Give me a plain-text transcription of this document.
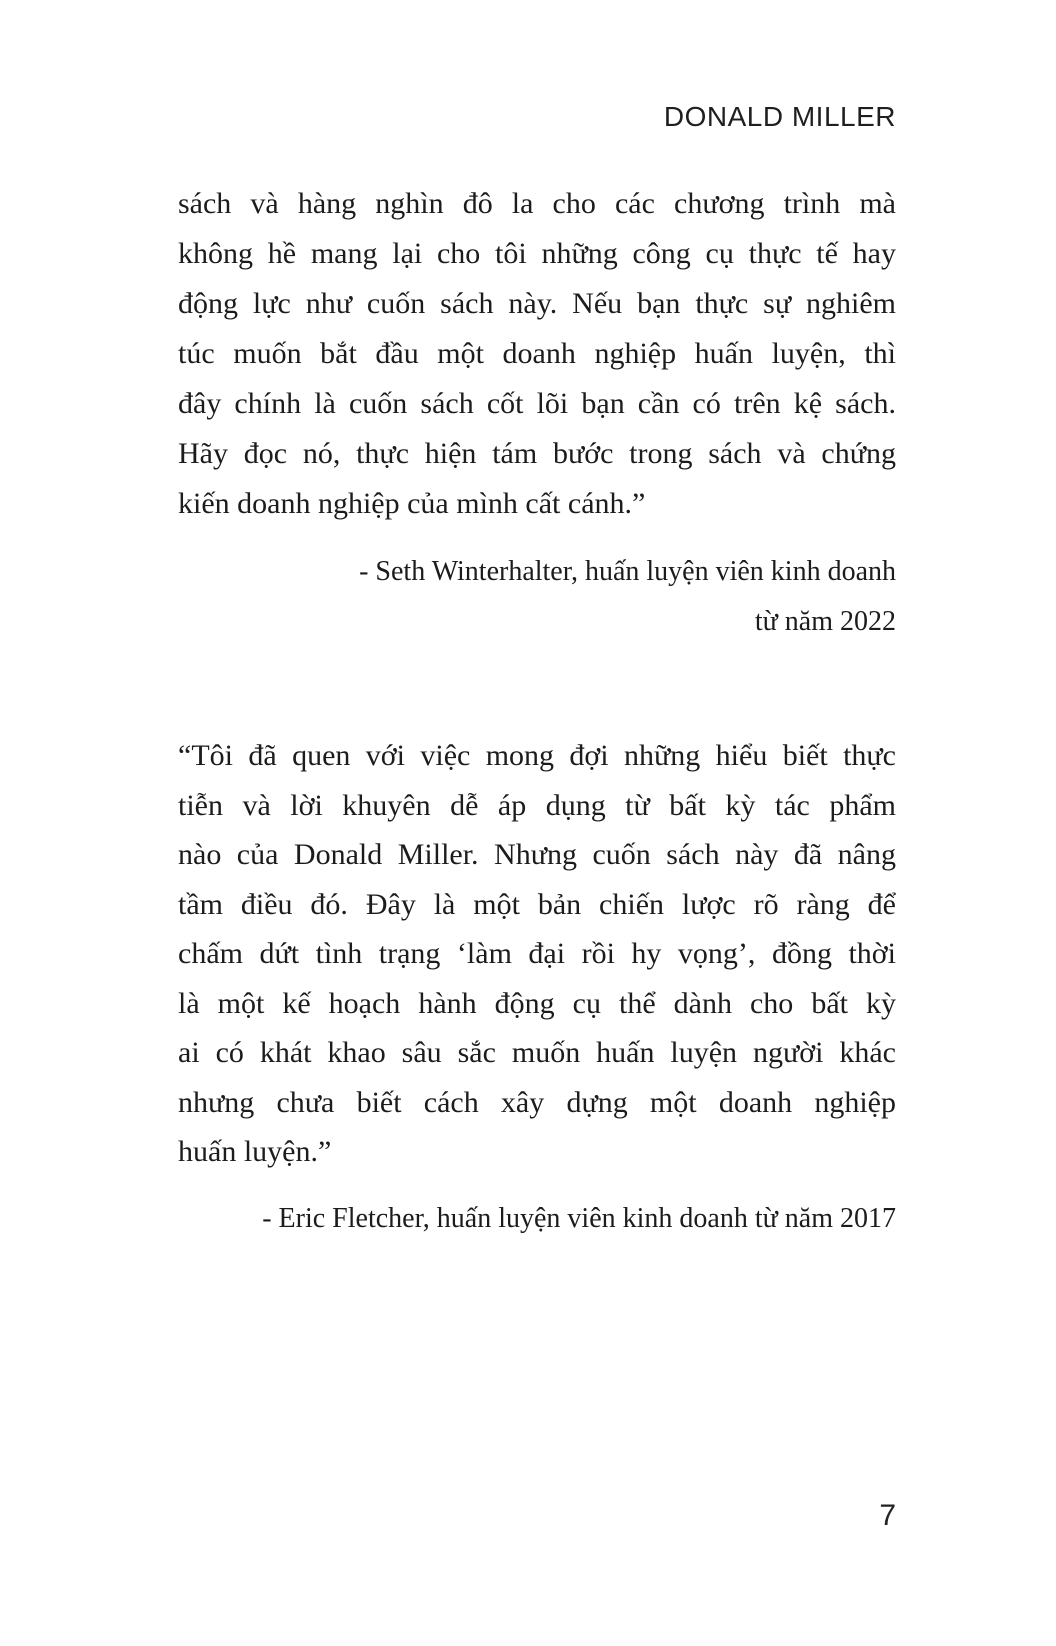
DONALD MILLER
sách và hàng nghìn đô la cho các chương trình mà
không hề mang lại cho tôi những công cụ thực tế hay
động lực như cuốn sách này. Nếu bạn thực sự nghiêm
túc muốn bắt đầu một doanh nghiệp huấn luyện, thì
đây chính là cuốn sách cốt lõi bạn cần có trên kệ sách.
Hãy đọc nó, thực hiện tám bước trong sách và chứng
kiến doanh nghiệp của mình cất cánh.”
- Seth Winterhalter, huấn luyện viên kinh doanh
từ năm 2022
“Tôi đã quen với việc mong đợi những hiểu biết thực
tiễn và lời khuyên dễ áp dụng từ bất kỳ tác phẩm
nào của Donald Miller. Nhưng cuốn sách này đã nâng
tầm điều đó. Đây là một bản chiến lược rõ ràng để
chấm dứt tình trạng ‘làm đại rồi hy vọng’, đồng thời
là một kế hoạch hành động cụ thể dành cho bất kỳ
ai có khát khao sâu sắc muốn huấn luyện người khác
nhưng chưa biết cách xây dựng một doanh nghiệp
huấn luyện.”
- Eric Fletcher, huấn luyện viên kinh doanh từ năm 2017
7
